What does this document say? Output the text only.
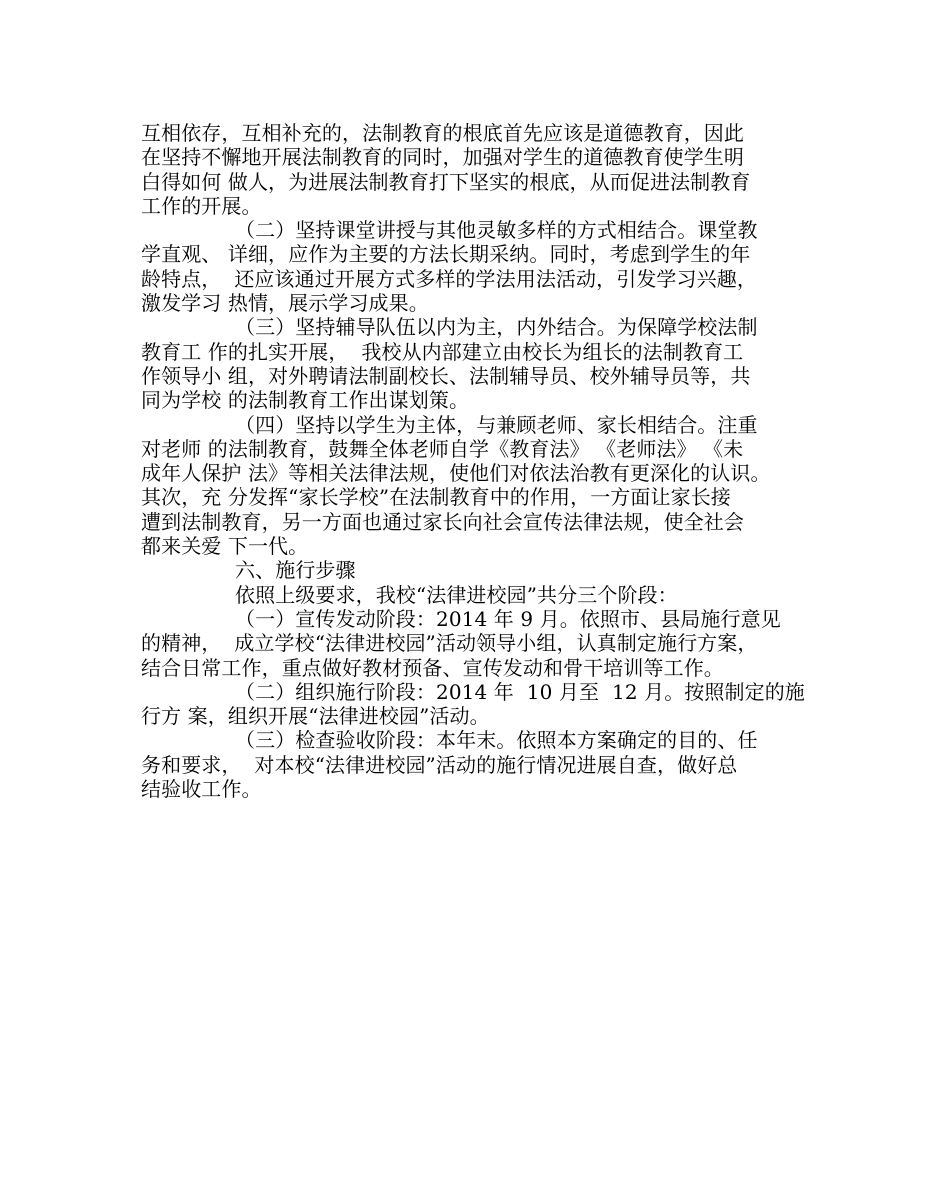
互相依存，互相补充的，法制教育的根底首先应该是道德教育，因此
在坚持不懈地开展法制教育的同时，加强对学生的道德教育使学生明
白得如何 做人，为进展法制教育打下坚实的根底，从而促进法制教育
工作的开展。
（二）坚持课堂讲授与其他灵敏多样的方式相结合。课堂教
学直观、 详细，应作为主要的方法长期采纳。同时，考虑到学生的年
龄特点，  还应该通过开展方式多样的学法用法活动，引发学习兴趣，
激发学习 热情，展示学习成果。
（三）坚持辅导队伍以内为主，内外结合。为保障学校法制
教育工 作的扎实开展，  我校从内部建立由校长为组长的法制教育工
作领导小 组，对外聘请法制副校长、法制辅导员、校外辅导员等，共
同为学校 的法制教育工作出谋划策。
（四）坚持以学生为主体，与兼顾老师、家长相结合。注重
对老师 的法制教育，鼓舞全体老师自学《教育法》 《老师法》 《未
成年人保护 法》等相关法律法规，使他们对依法治教有更深化的认识。
其次，充 分发挥“家长学校”在法制教育中的作用，一方面让家长接
遭到法制教育，另一方面也通过家长向社会宣传法律法规，使全社会
都来关爱 下一代。
六、施行步骤
依照上级要求，我校“法律进校园”共分三个阶段：
（一）宣传发动阶段：2014 年 9 月。依照市、县局施行意见
的精神，  成立学校“法律进校园”活动领导小组，认真制定施行方案，
结合日常工作，重点做好教材预备、宣传发动和骨干培训等工作。
（二）组织施行阶段：2014 年  10 月至  12 月。按照制定的施
行方 案，组织开展“法律进校园”活动。
（三）检查验收阶段：本年末。依照本方案确定的目的、任
务和要求，  对本校“法律进校园”活动的施行情况进展自查，做好总
结验收工作。
